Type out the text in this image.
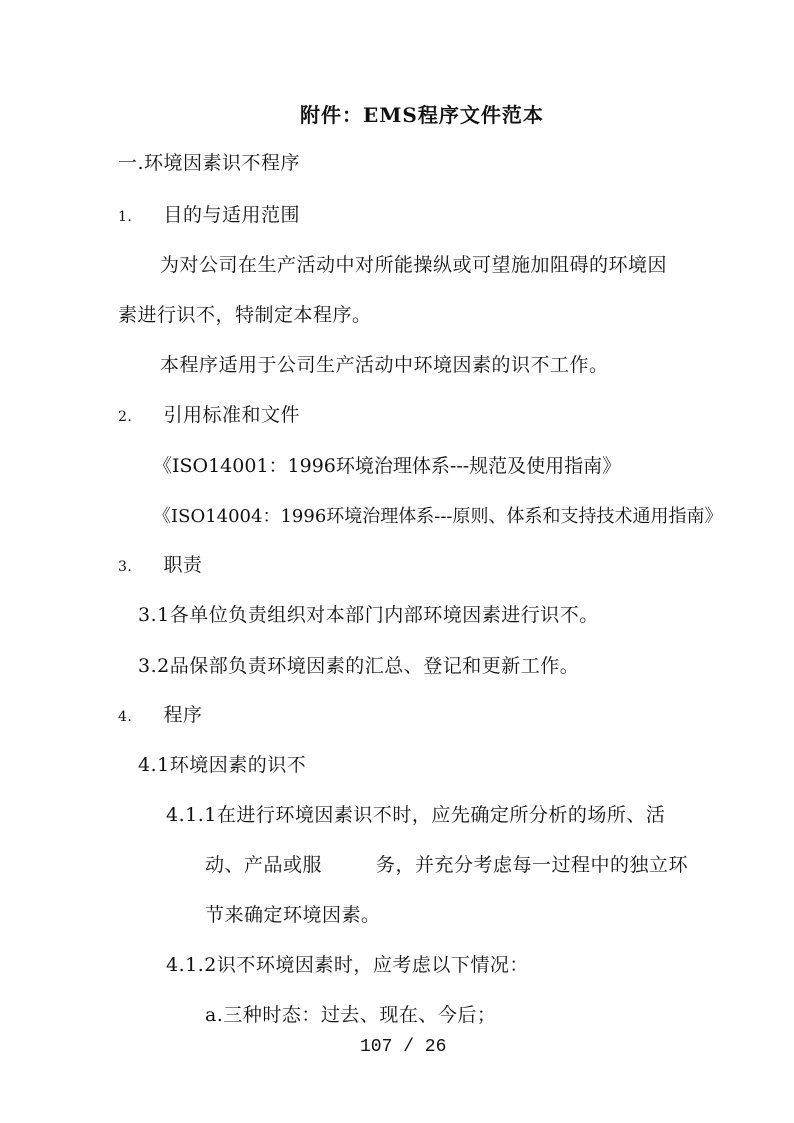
附件：EMS程序文件范本
一.环境因素识不程序
1. 目的与适用范围
为对公司在生产活动中对所能操纵或可望施加阻碍的环境因
素进行识不，特制定本程序。
本程序适用于公司生产活动中环境因素的识不工作。
2. 引用标准和文件
《ISO14001：1996环境治理体系---规范及使用指南》
《ISO14004：1996环境治理体系---原则、体系和支持技术通用指南》
3. 职责
3.1各单位负责组织对本部门内部环境因素进行识不。
3.2品保部负责环境因素的汇总、登记和更新工作。
4. 程序
4.1环境因素的识不
4.1.1在进行环境因素识不时，应先确定所分析的场所、活
动、产品或服	务，并充分考虑每一过程中的独立环
节来确定环境因素。
4.1.2识不环境因素时，应考虑以下情况：
a.三种时态：过去、现在、今后；
107 / 26
